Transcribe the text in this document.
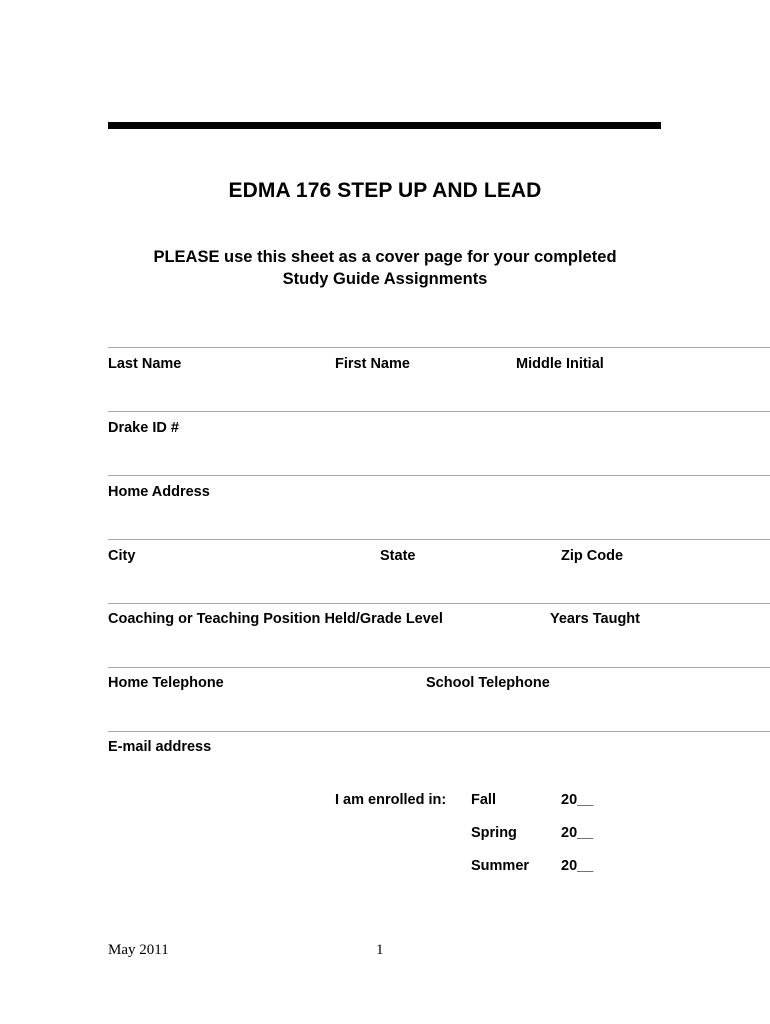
EDMA 176 STEP UP AND LEAD
PLEASE use this sheet as a cover page for your completed
Study Guide Assignments
Last Name	First Name	Middle Initial
Drake ID #
Home Address
City	State	Zip Code
Coaching or Teaching Position Held/Grade Level	Years Taught
Home Telephone	School Telephone
E-mail address
I am enrolled in: Fall	20__
Spring	20__
Summer 20__
May 2011	1
